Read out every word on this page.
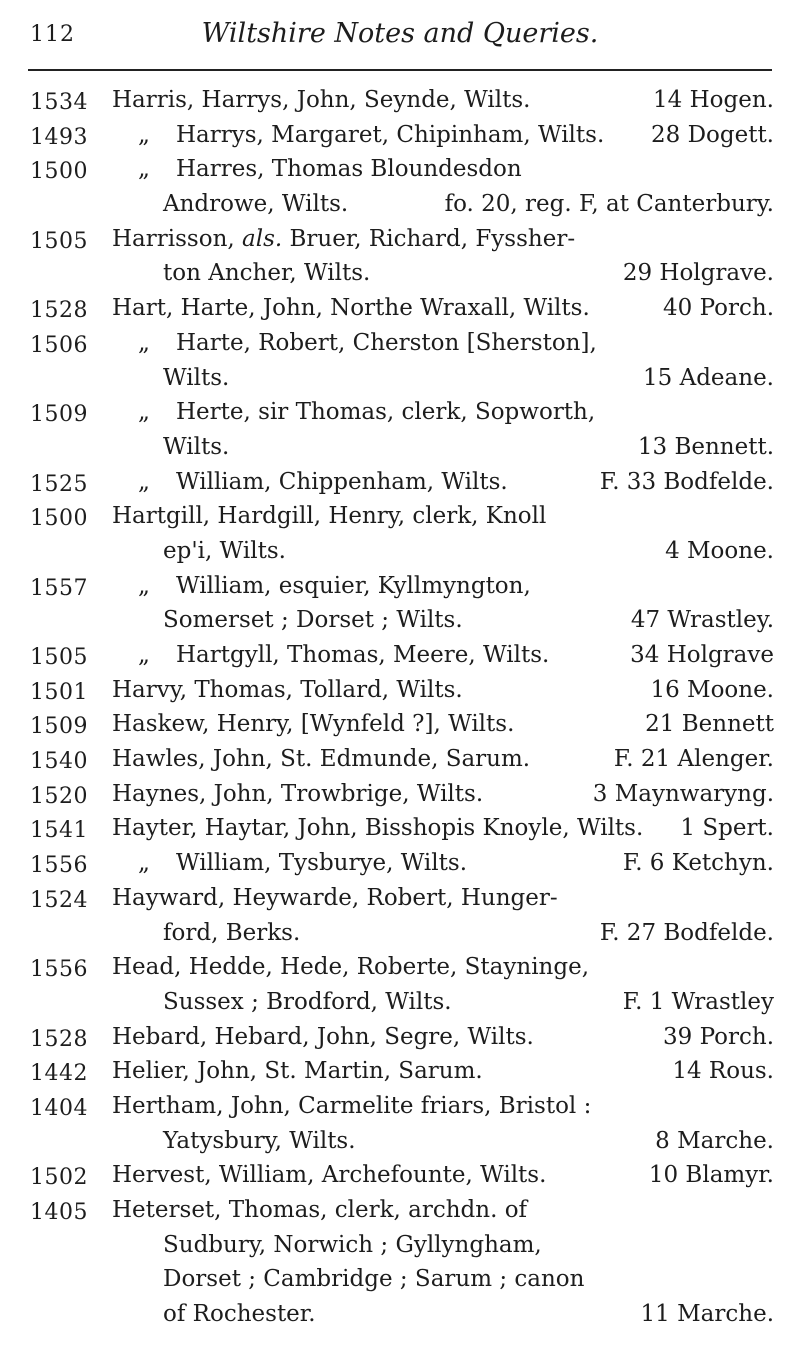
112	Wiltshire Notes and Queries.
1534 Harris, Harrys, John, Seynde, Wilts.	14 Hogen.
1493 „ Harrys, Margaret, Chipinham, Wilts. 28 Dogett.
1500 „ Harres, Thomas Bloundesdon
Androwe, Wilts.	fo. 20, reg. F, at Canterbury.
1505 Harrisson, als. Bruer, Richard, Fyssher-
ton Ancher, Wilts.	29 Holgrave.
1528 Hart, Harte, John, Northe Wraxall, Wilts.	40 Porch.
1506 „ Harte, Robert, Cherston [Sherston],
Wilts.	15 Adeane.
1509 „ Herte, sir Thomas, clerk, Sopworth,
Wilts.	13 Bennett.
1525 „ William, Chippenham, Wilts.	F. 33 Bodfelde.
1500 Hartgill, Hardgill, Henry, clerk, Knoll
ep'i, Wilts.	4 Moone.
1557 „ William, esquier, Kyllmyngton,
Somerset ; Dorset ; Wilts.	47 Wrastley.
1505 „ Hartgyll, Thomas, Meere, Wilts.	34 Holgrave
1501 Harvy, Thomas, Tollard, Wilts.	16 Moone.
1509 Haskew, Henry, [Wynfeld ?], Wilts.	21 Bennett
1540 Hawles, John, St. Edmunde, Sarum.	F. 21 Alenger.
1520 Haynes, John, Trowbrige, Wilts.	3 Maynwaryng.
1541 Hayter, Haytar, John, Bisshopis Knoyle, Wilts. 1 Spert.
1556 „ William, Tysburye, Wilts.	F. 6 Ketchyn.
1524 Hayward, Heywarde, Robert, Hunger-
ford, Berks.	F. 27 Bodfelde.
1556 Head, Hedde, Hede, Roberte, Stayninge,
Sussex ; Brodford, Wilts.	F. 1 Wrastley
1528 Hebard, Hebard, John, Segre, Wilts.	39 Porch.
1442 Helier, John, St. Martin, Sarum.	14 Rous.
1404 Hertham, John, Carmelite friars, Bristol :
Yatysbury, Wilts.	8 Marche.
1502 Hervest, William, Archefounte, Wilts.	10 Blamyr.
1405 Heterset, Thomas, clerk, archdn. of
Sudbury, Norwich ; Gyllyngham,
Dorset ; Cambridge ; Sarum ; canon
of Rochester.	11 Marche.
